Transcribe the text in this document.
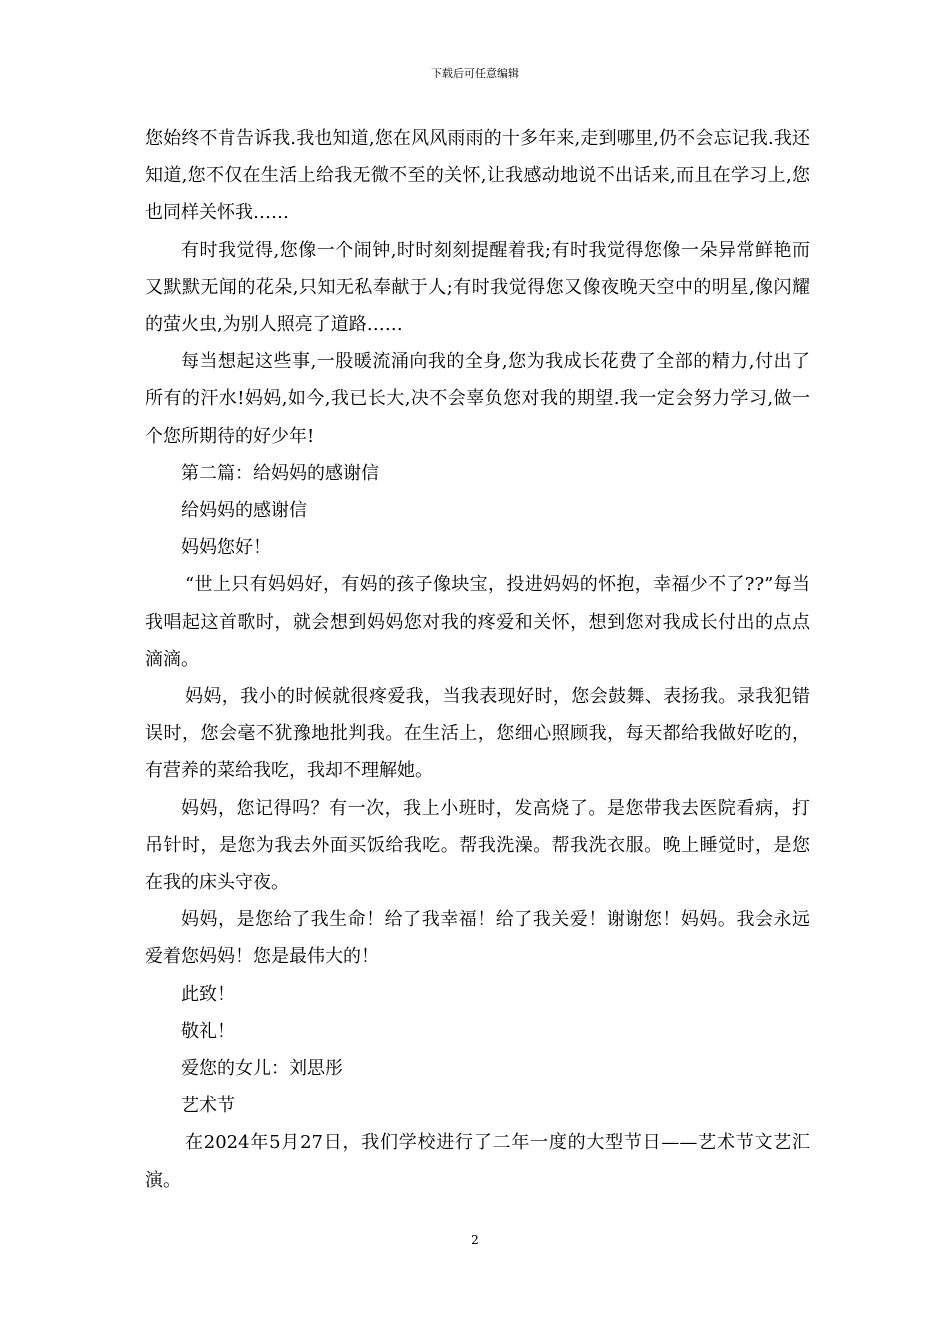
下载后可任意编辑

您始终不肯告诉我.我也知道,您在风风雨雨的十多年来,走到哪里,仍不会忘记我.我还知道,您不仅在生活上给我无微不至的关怀,让我感动地说不出话来,而且在学习上,您也同样关怀我……

有时我觉得,您像一个闹钟,时时刻刻提醒着我;有时我觉得您像一朵异常鲜艳而又默默无闻的花朵,只知无私奉献于人;有时我觉得您又像夜晚天空中的明星,像闪耀的萤火虫,为别人照亮了道路……

每当想起这些事,一股暖流涌向我的全身,您为我成长花费了全部的精力,付出了所有的汗水!妈妈,如今,我已长大,决不会辜负您对我的期望.我一定会努力学习,做一个您所期待的好少年!

第二篇：给妈妈的感谢信

给妈妈的感谢信

妈妈您好！

“世上只有妈妈好，有妈的孩子像块宝，投进妈妈的怀抱，幸福少不了??”每当我唱起这首歌时，就会想到妈妈您对我的疼爱和关怀，想到您对我成长付出的点点滴滴。

妈妈，我小的时候就很疼爱我，当我表现好时，您会鼓舞、表扬我。录我犯错误时，您会毫不犹豫地批判我。在生活上，您细心照顾我，每天都给我做好吃的，有营养的菜给我吃，我却不理解她。

妈妈，您记得吗？有一次，我上小班时，发高烧了。是您带我去医院看病，打吊针时，是您为我去外面买饭给我吃。帮我洗澡。帮我洗衣服。晚上睡觉时，是您在我的床头守夜。

妈妈，是您给了我生命！给了我幸福！给了我关爱！谢谢您！妈妈。我会永远爱着您妈妈！您是最伟大的！

此致！

敬礼！

爱您的女儿：刘思彤

艺术节

在2024年5月27日，我们学校进行了二年一度的大型节日——艺术节文艺汇演。

2
